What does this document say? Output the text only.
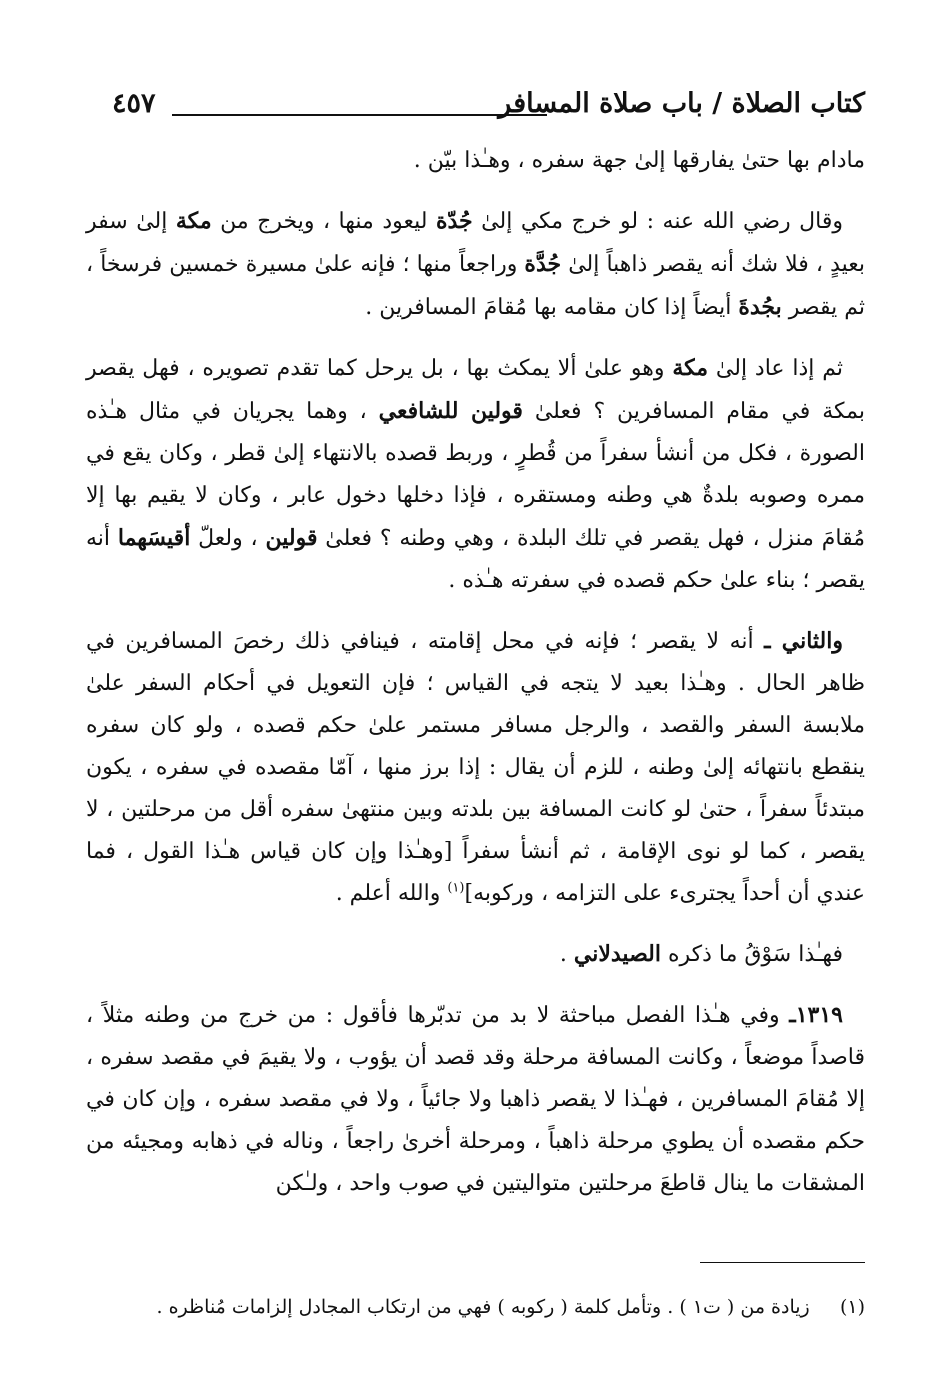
كتاب الصلاة / باب صلاة المسافر
٤٥٧

مادام بها حتىٰ يفارقها إلىٰ جهة سفره ، وهـٰذا بيّن .

وقال رضي الله عنه : لو خرج مكي إلىٰ جُدّة ليعود منها ، ويخرج من مكة إلىٰ سفر بعيدٍ ، فلا شك أنه يقصر ذاهباً إلىٰ جُدَّة وراجعاً منها ؛ فإنه علىٰ مسيرة خمسين فرسخاً ، ثم يقصر بجُدةَ أيضاً إذا كان مقامه بها مُقامَ المسافرين .

ثم إذا عاد إلىٰ مكة وهو علىٰ ألا يمكث بها ، بل يرحل كما تقدم تصويره ، فهل يقصر بمكة في مقام المسافرين ؟ فعلىٰ قولين للشافعي ، وهما يجريان في مثال هـٰذه الصورة ، فكل من أنشأ سفراً من قُطرٍ ، وربط قصده بالانتهاء إلىٰ قطر ، وكان يقع في ممره وصوبه بلدةٌ هي وطنه ومستقره ، فإذا دخلها دخول عابر ، وكان لا يقيم بها إلا مُقامَ منزل ، فهل يقصر في تلك البلدة ، وهي وطنه ؟ فعلىٰ قولين ، ولعلّ أقيسَهما أنه يقصر ؛ بناء علىٰ حكم قصده في سفرته هـٰذه .

والثاني ـ أنه لا يقصر ؛ فإنه في محل إقامته ، فينافي ذلك رخصَ المسافرين في ظاهر الحال . وهـٰذا بعيد لا يتجه في القياس ؛ فإن التعويل في أحكام السفر علىٰ ملابسة السفر والقصد ، والرجل مسافر مستمر علىٰ حكم قصده ، ولو كان سفره ينقطع بانتهائه إلىٰ وطنه ، للزم أن يقال : إذا برز منها ، آمّا مقصده في سفره ، يكون مبتدئاً سفراً ، حتىٰ لو كانت المسافة بين بلدته وبين منتهىٰ سفره أقل من مرحلتين ، لا يقصر ، كما لو نوى الإقامة ، ثم أنشأ سفراً [وهـٰذا وإن كان قياس هـٰذا القول ، فما عندي أن أحداً يجترىء على التزامه ، وركوبه]$^{(١)}$ والله أعلم .

فهـٰذا سَوْقُ ما ذكره الصيدلاني .

١٣١٩ـ وفي هـٰذا الفصل مباحثة لا بد من تدبّرها فأقول : من خرج من وطنه مثلاً ، قاصداً موضعاً ، وكانت المسافة مرحلة وقد قصد أن يؤوب ، ولا يقيمَ في مقصد سفره ، إلا مُقامَ المسافرين ، فهـٰذا لا يقصر ذاهبا ولا جائياً ، ولا في مقصد سفره ، وإن كان في حكم مقصده أن يطوي مرحلة ذاهباً ، ومرحلة أخرىٰ راجعاً ، وناله في ذهابه ومجيئه من المشقات ما ينال قاطعَ مرحلتين متواليتين في صوب واحد ، ولـٰكن

(١)     زيادة من ( ت١ ) . وتأمل كلمة ( ركوبه ) فهي من ارتكاب المجادل إلزامات مُناظره .
